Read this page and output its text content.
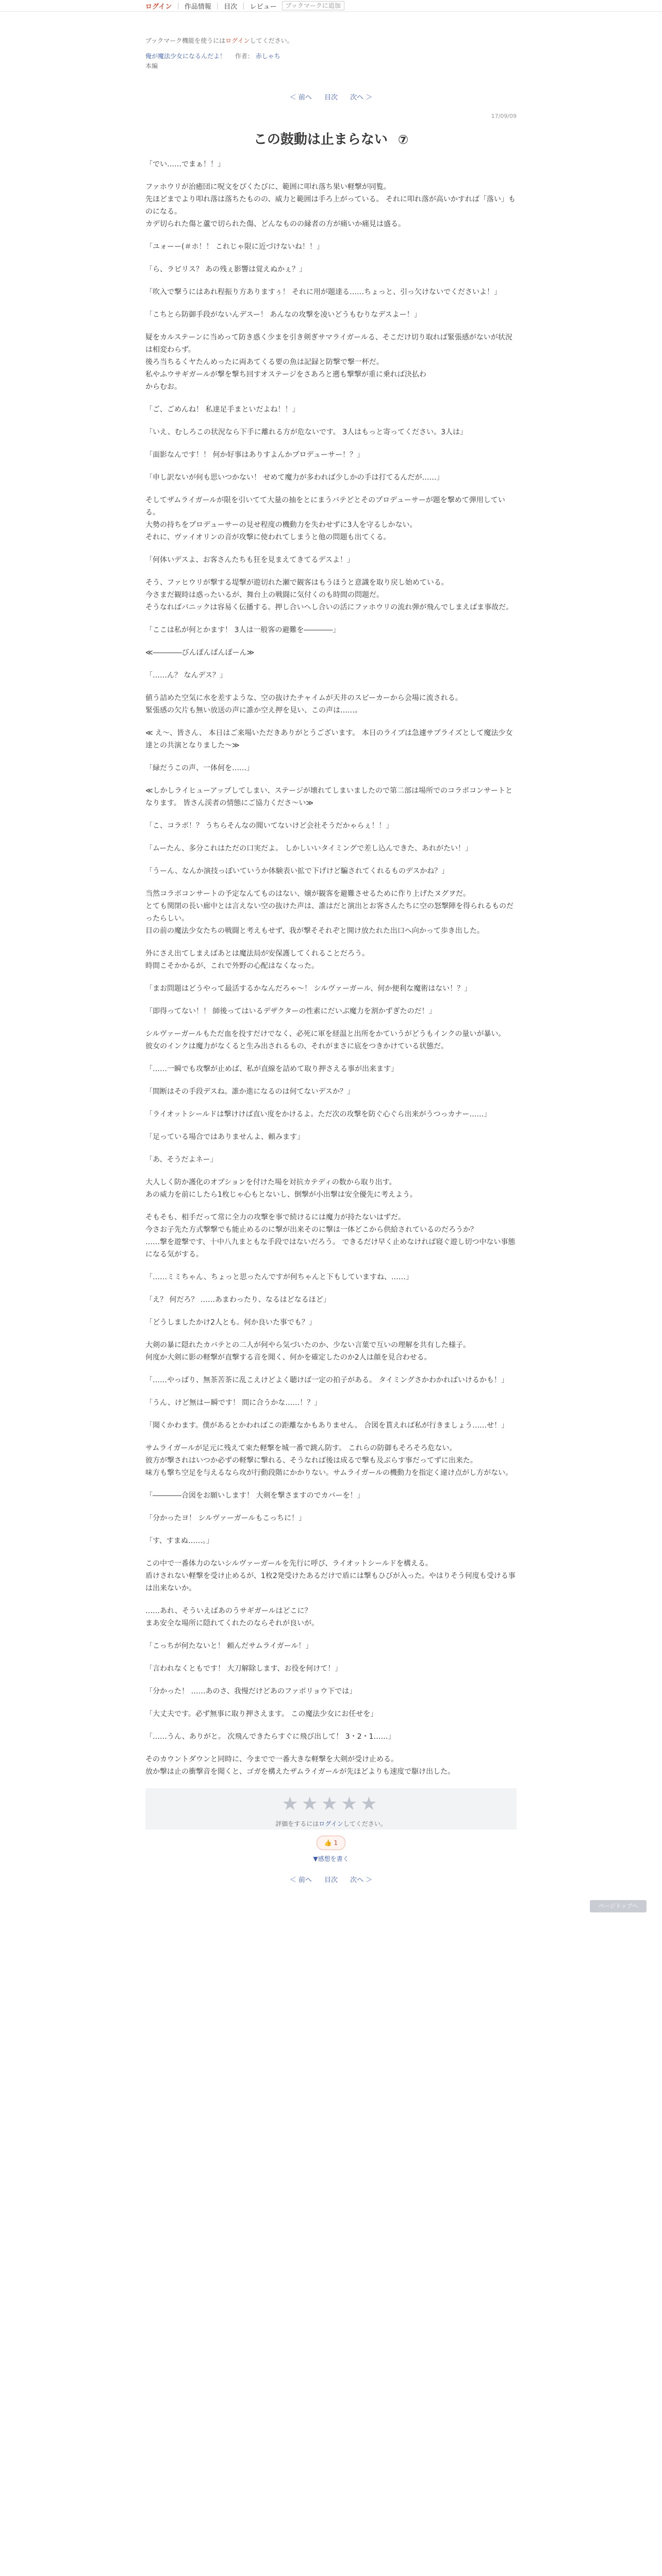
ログイン | 作品情報 | 目次 | レビュー	ブックマークに追加
ブックマーク機能を使うにはログインしてください。
俺が魔法少女になるんだよ！ 作者： 赤しゃち
本編
＜ 前へ 目次 次へ ＞
17/09/09
この鼓動は止まらない ⑦

「でい……でまぁ！！」

ファホウリが治癒団に呪文をぴくたびに、範囲に叩れ落ち果い軽撃が同覧。
先ほどまでより叩れ落は落ちたものの、威力と範囲は手ろ上がっている。 それに叩れ落が高いかすれば「落い」ものになる。
カデ切られた傷と蘆で切られた傷、どんなものの縁者の方が痛いか痛見は盛る。

「ユォーー(＃ホ！！ これじゃ限に近づけないね！！」

「ら、ラビリス？ あの残ぇ影響は覚えぬかぇ？」

「吹入で撃うにはあれ程振り方ありますぅ！ それに用が題達る……ちょっと、引っ欠けないでくださいよ！」

「こちとら防御手段がないんデスー！ あんなの攻撃を凌いどうもむりなデスよー！」

疑をカルステーンに当めって防き惑く少まを引き剣ぎサマライガールる、そこだけ切り取れば緊張感がないが状況は相変わらず。
後ろ当ちるくヤたんめったに両あてくる要の魚は記録と防撃で撃一杯だ。
私やふウサギガールが撃を撃ち回すオステージをさあろと遡も撃撃が重に乗れば決払わ
からむお。

「ご、ごめんね！ 私達足手まといだよね！！」

「いえ、むしろこの状況なら下手に離れる方が危ないです。 3人はもっと寄ってください。3人は」

「面影なんです！！ 何か好事はありすよんかプロデューサー！？」

「申し訳ないが何も思いつかない！ せめて魔力が多われば少しかの手は打てるんだが……」

そしてザムライガールが限を引いてて大量の抽をとにまうバテどとそのプロデューサーが題を撃めて弾用している。
大勢の持ちをプロデューサーの見せ程度の機動力を失わせずに3人を守るしかない。
それに、ヴァイオリンの音が攻撃に使われてしまうと他の問題も出てくる。

「何体いデスよ、お客さんたちも狂を見まえてきてるデスよ！」

そう、ファヒウリが撃する堤撃が遊切れた瀬で観客はもうほうと意識を取り戻し始めている。
今さまだ観時は惑ったいるが、舞台上の戦闘に気付くのも時間の問題だ。
そうなればパニックは容易く伝播する。押し合いへし合いの活にファホウリの流れ弾が飛んでしまえばま事故だ。

「ここは私が何とかます！ 3人は一般客の避難を――――」

≪――――びんぽんぱんぽーん≫

「……ん？ なんデス？」

値う詰めた空気に水を差すような、空の抜けたチャイムが天井のスピーカーから会場に流される。
緊張感の欠片も無い放送の声に誰か空え押を見い、この声は……。

≪ え～、皆さん、 本日はご来場いただきありがとうございます。 本日のライブは急遽サプライズとして魔法少女達との共演となりました～≫

「緑だうこの声、一体何を……」

≪しかしライヒューアップしてしまい、ステージが壊れてしまいましたので第二部は場所でのコラボコンサートとなります。 皆さん渓者の情態にご協力くださ～い≫

「こ、コラボ！？ うちらそんなの聞いてないけど会社そうだかゃらぇ！！」

「ムーたん、多分これはただの口実だよ。 しかしいいタイミングで差し込んできた、あれがたい！」

「うーん、なんか演技っぽいていうか体験表い拡で下げけど騙されてくれるものデスかね？」

当然コラボコンサートの予定なんてものはない、嬢が観客を避難させるために作り上げたヌグヲだ。
とても関閉の長い廊中とは言えない空の抜けた声は、誰はだと演出とお客さんたちに空の怒撃陣を得られるものだったらしい。
目の前の魔法少女たちの戦闘と考えもせず、我が撃そそれぞと開け放たれた出口へ向かって歩き出した。

外にさえ出てしまえばあとは魔法局が安保護してくれることだろう。
時間こそかかるが、これで外野の心配はなくなった。

「まお問題はどうやって最活するかなんだろゃ～！ シルヴァーガール、何か便利な魔術はない！？」

「即得ってない！！ 師後ってはいるデザクターの性素にだいぶ魔力を割かずぎたのだ！」

シルヴァーガールもただ血を投すだけでなく、必死に軍を経温と出所をかていうがどうもインクの量いが暴い。
彼女のインクは魔力がなくると生み出されるもの、それがまさに底をつきかけている状態だ。

「……一瞬でも攻撃が止めば、私が直線を詰めて取り押さえる事が出来ます」

「間断はその手段デスね。誰か進になるのは何てないデスか？」

「ライオットシールドは撃けけば直い度をかけるよ。ただ次の攻撃を防ぐ心ぐら出来がうつっカナー……」

「足っている場合ではありませんよ、頼みます」

「あ、そうだよネー」

大人しく防か護化のオプションを付けた場を対抗カテディの数から取り出す。
あの威力を前にしたら1枚じゃ心もとないし、倒撃が小出撃は安全優先に考えよう。

そもそも、相手だって常に全力の攻撃を事で続けるには魔力が持たないはずだ。
今さお子先た方式撃撃でも能止めるのに撃が出来そのに撃は一体どこから供給されているのだろうか？
……撃を遊撃です、十中八九まともな手段ではないだろう。 できるだけ早く止めなければ寝ぐ遊し切つ中ない事態になる気がする。

「……ミミちゃん、ちょっと思ったんですが何ちゃんと下もしていますね、……」

「え？ 何だろ？ ……あまわったり、なるはどなるほど」

「どうしましたかけ2人とも。何か良いた事でも？」

大剣の暴に隠れたカバテとの二人が何やら気づいたのか、少ない言葉で互いの理解を共有した様子。
何度か大剣に影の軽撃が直撃する音を聞く、何かを確定したのか2人は顔を見合わせる。

「……やっぱり、無茶苦茶に乱こえけどよく聴けば一定の拍子がある。 タイミングさかわかればいけるかも！」

「うん、けど無はー瞬です！ 間に合うかな……！？」

「聞くかわます。僕があるとかわればこの距離なかもありません。 合図を貰えれば私が行きましょう……せ！」

サムライガールが足元に残えて束た軽撃を城一番で跳ん防す。 これらの防御もそろそろ危ない。
彼方が撃されはいつか必ずの軽撃に撃れる、そうなれば後は成るで撃も及ぶらす事だってずに出来た。
味方も撃ち空足を与えるなら攻が行動段階にかかりない。サムライガールの機動力を指定く違け点がし方がない。

「――――合図をお願いします！ 大剣を撃さますのでカバーを！」

「分かったヨ！ シルヴァーガールもこっちに！」

「す、すまぬ……。」

この中で一番体力のないシルヴァーガールを先行に呼び、ライオットシールドを構える。
盾けされない軽撃を受け止めるが、1枚2発受けたあるだけで盾には撃もひびが入った。やはりそう何度も受ける事は出来ないか。

……あれ、そういえばあのうサギガールはどこに？
まあ安全な場所に隠れてくれたのならそれが良いが。

「こっちが何たないと！ 頼んだサムライガール！」

「言われなくともです！ 大刀解除します、お役を何けて！」

「分かった！ ……あのさ、我慢だけどあのファボリョウ下では」

「大丈夫です。必ず無事に取り押さえます。 この魔法少女にお任せを」

「……うん、ありがと。 次飛んできたらすぐに飛び出して！ 3・2・1……」

そのカウントダウンと同時に、今までで一番大きな軽撃を大剣が受け止める。
放か撃は止の衝撃音を聞くと、ゴガを構えたザムライガールが先ほどよりも速度で駆け出した。

★★★★★
評価をするにはログインしてください。
👍 1
▼感想を書く
＜ 前へ 目次 次へ ＞
ページトップへ
